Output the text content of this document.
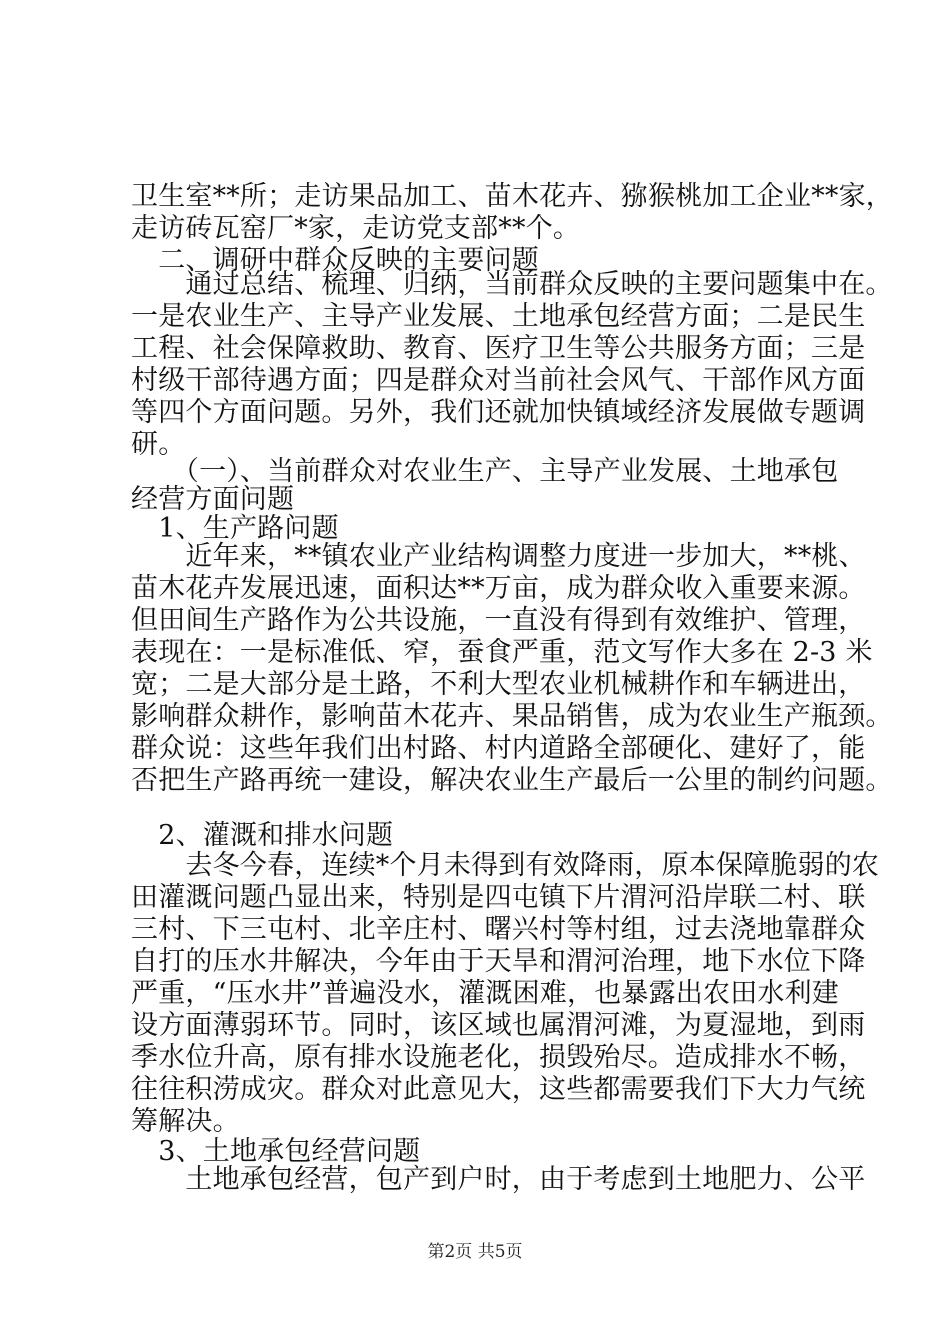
卫生室**所；走访果品加工、苗木花卉、猕猴桃加工企业**家，
走访砖瓦窑厂*家，走访党支部**个。
　二、调研中群众反映的主要问题
　　通过总结、梳理、归纳，当前群众反映的主要问题集中在。
一是农业生产、主导产业发展、土地承包经营方面；二是民生
工程、社会保障救助、教育、医疗卫生等公共服务方面；三是
村级干部待遇方面；四是群众对当前社会风气、干部作风方面
等四个方面问题。另外，我们还就加快镇域经济发展做专题调
研。
　　（一）、当前群众对农业生产、主导产业发展、土地承包
经营方面问题
　1、生产路问题
　　近年来，**镇农业产业结构调整力度进一步加大，**桃、
苗木花卉发展迅速，面积达**万亩，成为群众收入重要来源。
但田间生产路作为公共设施，一直没有得到有效维护、管理，
表现在：一是标准低、窄，蚕食严重，范文写作大多在 2-3 米
宽；二是大部分是土路，不利大型农业机械耕作和车辆进出，
影响群众耕作，影响苗木花卉、果品销售，成为农业生产瓶颈。
群众说：这些年我们出村路、村内道路全部硬化、建好了，能
否把生产路再统一建设，解决农业生产最后一公里的制约问题。
　2、灌溉和排水问题
　　去冬今春，连续*个月未得到有效降雨，原本保障脆弱的农
田灌溉问题凸显出来，特别是四屯镇下片渭河沿岸联二村、联
三村、下三屯村、北辛庄村、曙兴村等村组，过去浇地靠群众
自打的压水井解决，今年由于天旱和渭河治理，地下水位下降
严重，“压水井”普遍没水，灌溉困难，也暴露出农田水利建
设方面薄弱环节。同时，该区域也属渭河滩，为夏湿地，到雨
季水位升高，原有排水设施老化，损毁殆尽。造成排水不畅，
往往积涝成灾。群众对此意见大，这些都需要我们下大力气统
筹解决。
　3、土地承包经营问题
　　土地承包经营，包产到户时，由于考虑到土地肥力、公平
第2页 共5页
